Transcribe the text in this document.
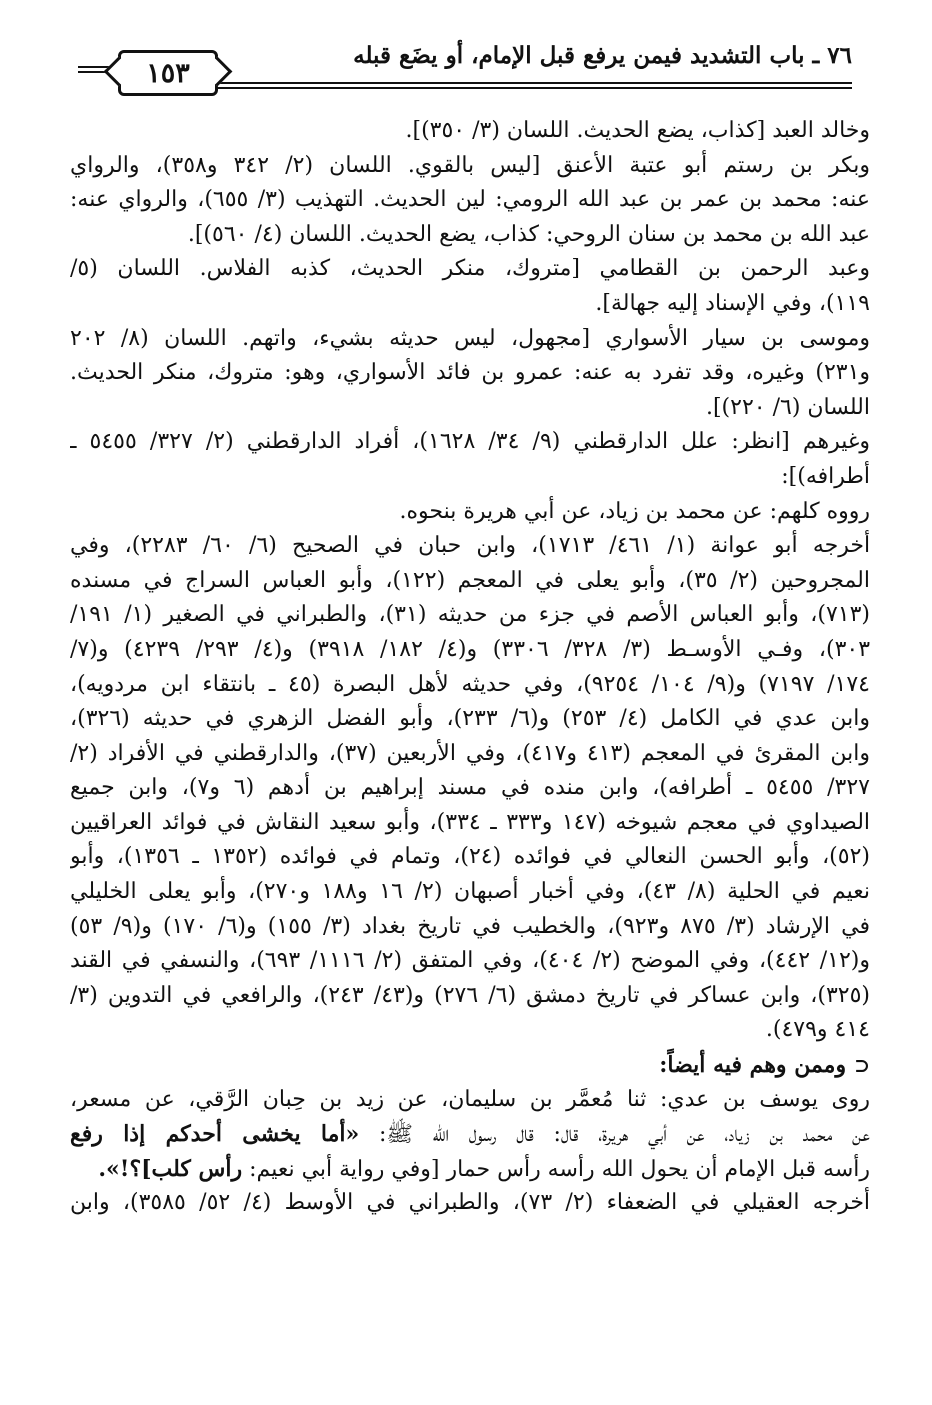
٧٦ ـ باب التشديد فيمن يرفع قبل الإمام، أو يضَع قبله
١٥٣
وخالد العبد [كذاب، يضع الحديث. اللسان (٣/ ٣٥٠)].
وبكر بن رستم أبو عتبة الأعنق [ليس بالقوي. اللسان (٢/ ٣٤٢ و٣٥٨)، والرواي
عنه: محمد بن عمر بن عبد الله الرومي: لين الحديث. التهذيب (٣/ ٦٥٥)، والرواي عنه:
عبد الله بن محمد بن سنان الروحي: كذاب، يضع الحديث. اللسان (٤/ ٥٦٠)].
وعبد الرحمن بن القطامي [متروك، منكر الحديث، كذبه الفلاس. اللسان (٥/
١١٩)، وفي الإسناد إليه جهالة].
وموسى بن سيار الأسواري [مجهول، ليس حديثه بشيء، واتهم. اللسان (٨/ ٢٠٢
و٢٣١) وغيره، وقد تفرد به عنه: عمرو بن فائد الأسواري، وهو: متروك، منكر الحديث.
اللسان (٦/ ٢٢٠)].
وغيرهم [انظر: علل الدارقطني (٩/ ٣٤/ ١٦٢٨)، أفراد الدارقطني (٢/ ٣٢٧/ ٥٤٥٥ ـ
أطرافه)]:
رووه كلهم: عن محمد بن زياد، عن أبي هريرة بنحوه.
أخرجه أبو عوانة (١/ ٤٦١/ ١٧١٣)، وابن حبان في الصحيح (٦/ ٦٠/ ٢٢٨٣)، وفي
المجروحين (٢/ ٣٥)، وأبو يعلى في المعجم (١٢٢)، وأبو العباس السراج في مسنده
(٧١٣)، وأبو العباس الأصم في جزء من حديثه (٣١)، والطبراني في الصغير (١/ ١٩١/
٣٠٣)، وفـي الأوسـط (٣/ ٣٢٨/ ٣٣٠٦) و(٤/ ١٨٢/ ٣٩١٨) و(٤/ ٢٩٣/ ٤٢٣٩) و(٧/
١٧٤/ ٧١٩٧) و(٩/ ١٠٤/ ٩٢٥٤)، وفي حديثه لأهل البصرة (٤٥ ـ بانتقاء ابن مردويه)،
وابن عدي في الكامل (٤/ ٢٥٣) و(٦/ ٢٣٣)، وأبو الفضل الزهري في حديثه (٣٢٦)،
وابن المقرئ في المعجم (٤١٣ و٤١٧)، وفي الأربعين (٣٧)، والدارقطني في الأفراد (٢/
٣٢٧/ ٥٤٥٥ ـ أطرافه)، وابن منده في مسند إبراهيم بن أدهم (٦ و٧)، وابن جميع
الصيداوي في معجم شيوخه (١٤٧ و٣٣٣ ـ ٣٣٤)، وأبو سعيد النقاش في فوائد العراقيين
(٥٢)، وأبو الحسن النعالي في فوائده (٢٤)، وتمام في فوائده (١٣٥٢ ـ ١٣٥٦)، وأبو
نعيم في الحلية (٨/ ٤٣)، وفي أخبار أصبهان (٢/ ١٦ و١٨٨ و٢٧٠)، وأبو يعلى الخليلي
في الإرشاد (٣/ ٨٧٥ و٩٢٣)، والخطيب في تاريخ بغداد (٣/ ١٥٥) و(٦/ ١٧٠) و(٩/ ٥٣)
و(١٢/ ٤٤٢)، وفي الموضح (٢/ ٤٠٤)، وفي المتفق (٢/ ١١١٦/ ٦٩٣)، والنسفي في القند
(٣٢٥)، وابن عساكر في تاريخ دمشق (٦/ ٢٧٦) و(٤٣/ ٢٤٣)، والرافعي في التدوين (٣/
٤١٤ و٤٧٩).
⊂وممن وهم فيه أيضاً:
روى يوسف بن عدي: ثنا مُعمَّر بن سليمان، عن زيد بن حِبان الرَّقي، عن مسعر،
عن محمد بن زياد، عن أبي هريرة، قال: قال رسول الله ﷺ: «أما يخشى أحدكم إذا رفع
رأسه قبل الإمام أن يحول الله رأسه رأس حمار [وفي رواية أبي نعيم: رأس كلب]؟!».
أخرجه العقيلي في الضعفاء (٢/ ٧٣)، والطبراني في الأوسط (٤/ ٥٢/ ٣٥٨٥)، وابن
